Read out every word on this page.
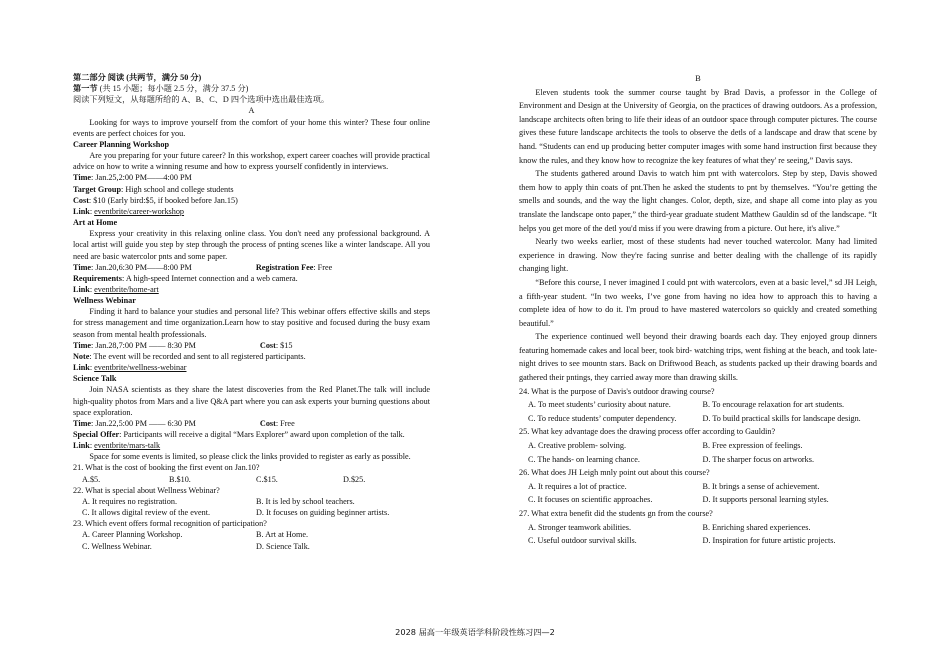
第二部分 阅读 (共两节，满分 50 分)

第一节 (共 15 小题；每小题 2.5 分，满分 37.5 分)

阅读下列短文，从每题所给的 A、B、C、D 四个选项中选出最佳选项。

A

Looking for ways to improve yourself from the comfort of your home this winter? These four online events are perfect choices for you.

Career Planning Workshop

Are you preparing for your future career? In this workshop, expert career coaches will provide practical advice on how to write a winning resume and how to express yourself confidently in interviews.

Time: Jan.25,2:00 PM——4:00 PM

Target Group: High school and college students

Cost: $10 (Early bird:$5, if booked before Jan.15)

Link: eventbrite/career-workshop

Art at Home

Express your creativity in this relaxing online class. You don't need any professional background. A local artist will guide you step by step through the process of pnting scenes like a winter landscape. All you need are basic watercolor pnts and some paper.

Time: Jan.20,6:30 PM——8:00 PM	Registration Fee: Free

Requirements: A high-speed Internet connection and a web camera.

Link: eventbrite/home-art

Wellness Webinar

Finding it hard to balance your studies and personal life? This webinar offers effective skills and steps for stress management and time organization.Learn how to stay positive and focused during the busy exam season from mental health professionals.

Time: Jan.28,7:00 PM —— 8:30 PM	Cost: $15

Note: The event will be recorded and sent to all registered participants.

Link: eventbrite/wellness-webinar

Science Talk

Join NASA scientists as they share the latest discoveries from the Red Planet.The talk will include high-quality photos from Mars and a live Q&A part where you can ask experts your burning questions about space exploration.

Time: Jan.22,5:00 PM —— 6:30 PM	Cost: Free

Special Offer: Participants will receive a digital “Mars Explorer” award upon completion of the talk.

Link: eventbrite/mars-talk

Space for some events is limited, so please click the links provided to register as early as possible.

21. What is the cost of booking the first event on Jan.10?

A.$5.	B.$10.	C.$15.	D.$25.

22. What is special about Wellness Webinar?

A. It requires no registration.	B. It is led by school teachers.
C. It allows digital review of the event.	D. It focuses on guiding beginner artists.

23. Which event offers formal recognition of participation?

A. Career Planning Workshop.	B. Art at Home.
C. Wellness Webinar.	D. Science Talk.

B

Eleven students took the summer course taught by Brad Davis, a professor in the College of Environment and Design at the University of Georgia, on the practices of drawing outdoors. As a profession, landscape architects often bring to life their ideas of an outdoor space through computer pictures. The course gives these future landscape architects the tools to observe the detls of a landscape and draw that scene by hand. “Students can end up producing better computer images with some hand instruction first because they know the rules, and they know how to recognize the key features of what they' re seeing,” Davis says.

The students gathered around Davis to watch him pnt with watercolors. Step by step, Davis showed them how to apply thin coats of pnt.Then he asked the students to pnt by themselves. “You’re getting the smells and sounds, and the way the light changes. Color, depth, size, and shape all come into play as you translate the landscape onto paper,” the third-year graduate student Matthew Gauldin sd of the landscape. “It helps you get more of the detl you'd miss if you were drawing from a picture. Out here, it's alive.”

Nearly two weeks earlier, most of these students had never touched watercolor. Many had limited experience in drawing. Now they're facing sunrise and better dealing with the challenge of its rapidly changing light.

“Before this course, I never imagined I could pnt with watercolors, even at a basic level,” sd JH Leigh, a fifth-year student. “In two weeks, I’ve gone from having no idea how to approach this to having a complete idea of how to do it. I'm proud to have mastered watercolors so quickly and created something beautiful.”

The experience continued well beyond their drawing boards each day. They enjoyed group dinners featuring homemade cakes and local beer, took bird- watching trips, went fishing at the beach, and took late-night drives to see mountn stars. Back on Driftwood Beach, as students packed up their drawing boards and gathered their pntings, they carried away more than drawing skills.

24. What is the purpose of Davis's outdoor drawing course?

A. To meet students’ curiosity about nature.	B. To encourage relaxation for art students.
C. To reduce students’ computer dependency.	D. To build practical skills for landscape design.

25. What key advantage does the drawing process offer according to Gauldin?

A. Creative problem- solving.	B. Free expression of feelings.
C. The hands- on learning chance.	D. The sharper focus on artworks.

26. What does JH Leigh mnly point out about this course?

A. It requires a lot of practice.	B. It brings a sense of achievement.
C. It focuses on scientific approaches.	D. It supports personal learning styles.

27. What extra benefit did the students gn from the course?

A. Stronger teamwork abilities.	B. Enriching shared experiences.
C. Useful outdoor survival skills.	D. Inspiration for future artistic projects.
2028 届高一年级英语学科阶段性练习四—2
